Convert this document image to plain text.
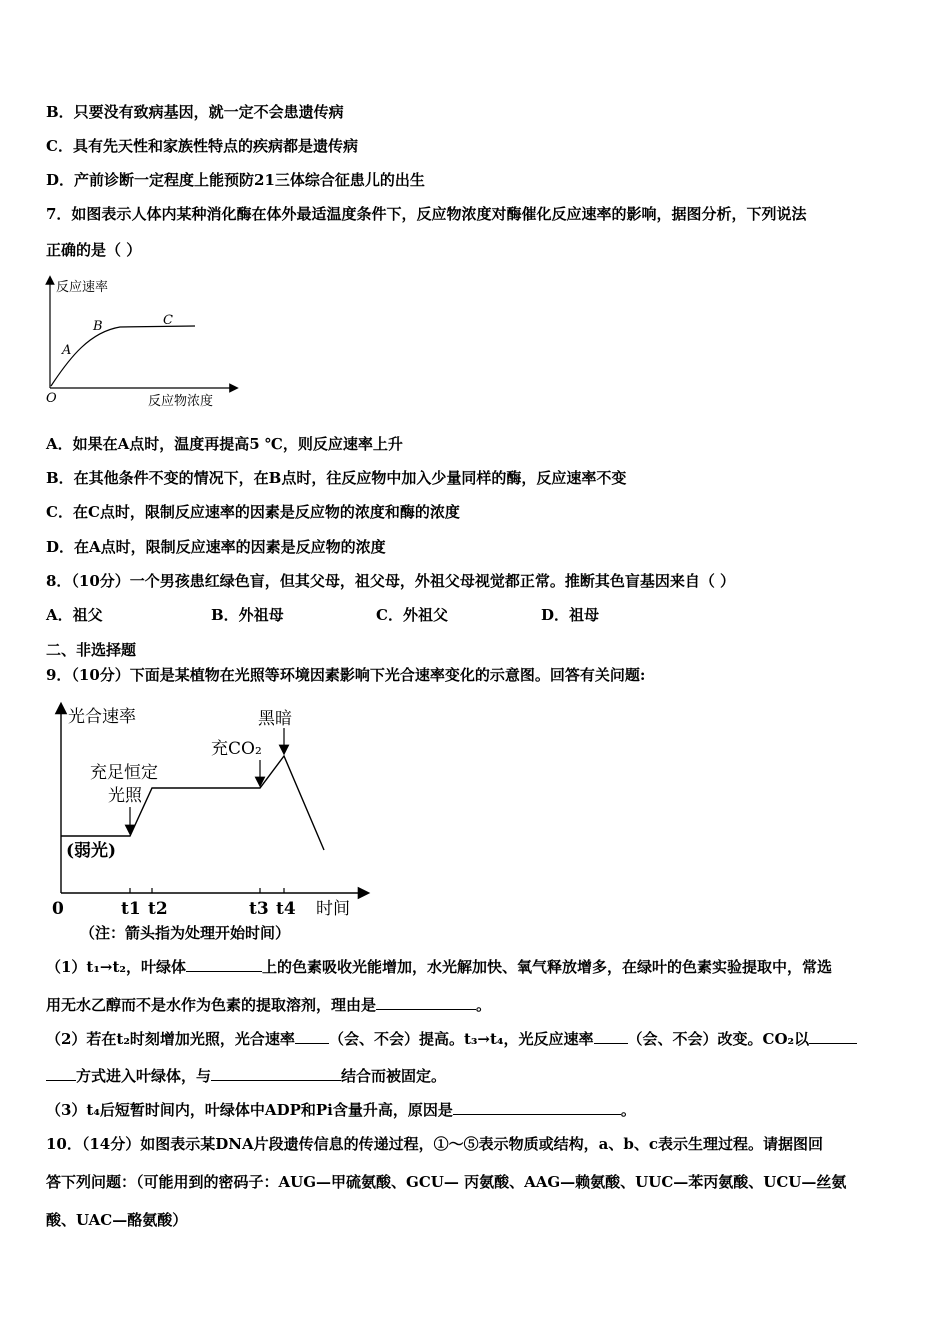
B．只要没有致病基因，就一定不会患遗传病
C．具有先天性和家族性特点的疾病都是遗传病
D．产前诊断一定程度上能预防21三体综合征患儿的出生
7．如图表示人体内某种消化酶在体外最适温度条件下，反应物浓度对酶催化反应速率的影响，据图分析，下列说法
正确的是（ ）
反应速率
反应物浓度
O
A
B	C
A．如果在A点时，温度再提高5 ℃，则反应速率上升
B．在其他条件不变的情况下，在B点时，往反应物中加入少量同样的酶，反应速率不变
C．在C点时，限制反应速率的因素是反应物的浓度和酶的浓度
D．在A点时，限制反应速率的因素是反应物的浓度
8．（10分）一个男孩患红绿色盲，但其父母，祖父母，外祖父母视觉都正常。推断其色盲基因来自（ ）
A．祖父	B．外祖母	C．外祖父	D．祖母
二、非选择题
9．（10分）下面是某植物在光照等环境因素影响下光合速率变化的示意图。回答有关问题:
光合速率
时间
0
(弱光)
充足恒定
光照
充CO₂
黑暗
t1 t2	t3 t4
（注：箭头指为处理开始时间）
（1）t₁→t₂，叶绿体	上的色素吸收光能增加，水光解加快、氧气释放增多，在绿叶的色素实验提取中，常选
用无水乙醇而不是水作为色素的提取溶剂，理由是	。
（2）若在t₂时刻增加光照，光合速率 （会、不会）提高。t₃→t₄，光反应速率 （会、不会）改变。CO₂以
方式进入叶绿体，与	结合而被固定。
（3）t₄后短暂时间内，叶绿体中ADP和Pi含量升高，原因是	。
10．（14分）如图表示某DNA片段遗传信息的传递过程，①～⑤表示物质或结构，a、b、c表示生理过程。请据图回
答下列问题：（可能用到的密码子：AUG—甲硫氨酸、GCU— 丙氨酸、AAG—赖氨酸、UUC—苯丙氨酸、UCU—丝氨
酸、UAC—酪氨酸）
